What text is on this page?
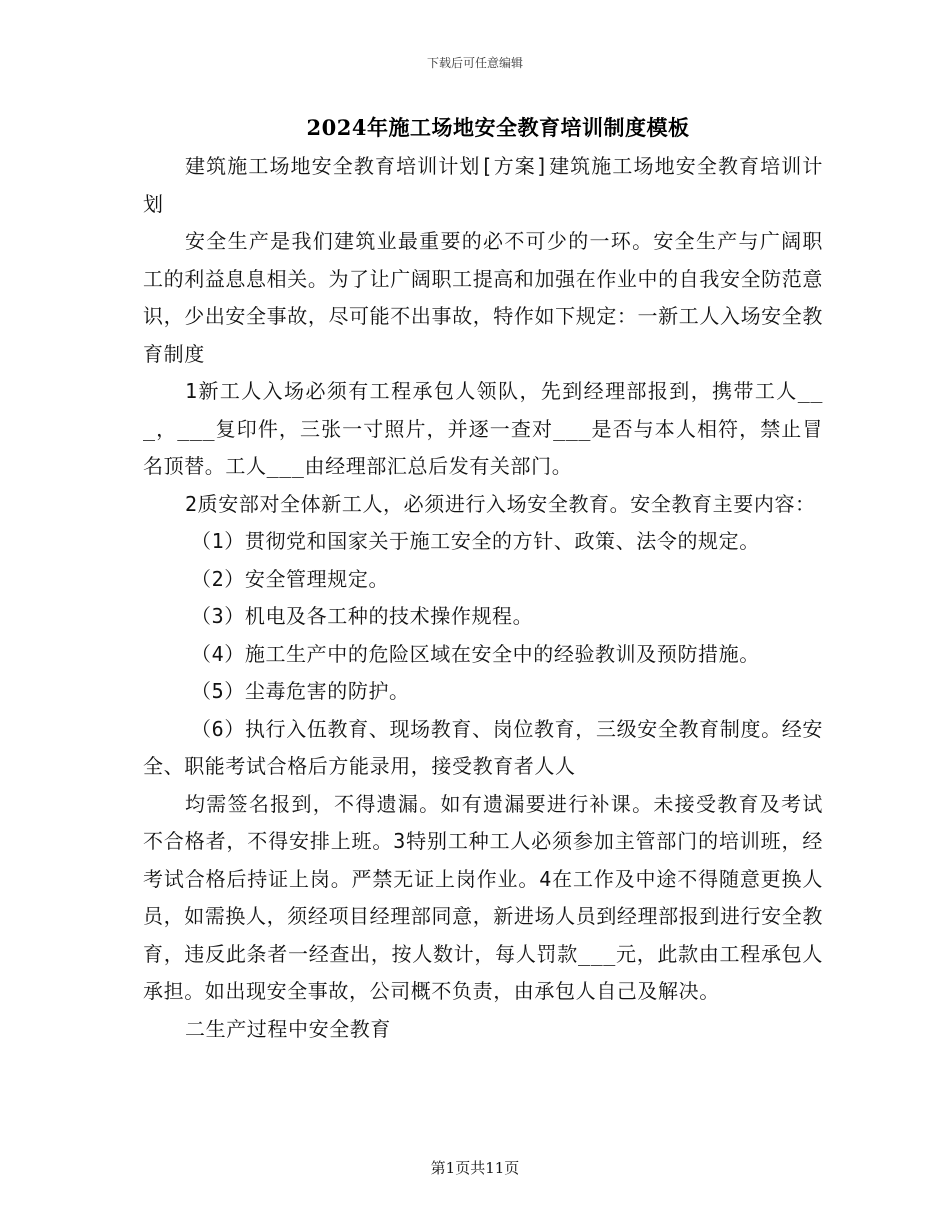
下载后可任意编辑
2024年施工场地安全教育培训制度模板

建筑施工场地安全教育培训计划[方案]建筑施工场地安全教育培训计划

安全生产是我们建筑业最重要的必不可少的一环。安全生产与广阔职工的利益息息相关。为了让广阔职工提高和加强在作业中的自我安全防范意识，少出安全事故，尽可能不出事故，特作如下规定：一新工人入场安全教育制度

1新工人入场必须有工程承包人领队，先到经理部报到，携带工人___，___复印件，三张一寸照片，并逐一查对___是否与本人相符，禁止冒名顶替。工人___由经理部汇总后发有关部门。

2质安部对全体新工人，必须进行入场安全教育。安全教育主要内容：

（1）贯彻党和国家关于施工安全的方针、政策、法令的规定。

（2）安全管理规定。

（3）机电及各工种的技术操作规程。

（4）施工生产中的危险区域在安全中的经验教训及预防措施。

（5）尘毒危害的防护。

（6）执行入伍教育、现场教育、岗位教育，三级安全教育制度。经安全、职能考试合格后方能录用，接受教育者人人

均需签名报到，不得遗漏。如有遗漏要进行补课。未接受教育及考试不合格者，不得安排上班。3特别工种工人必须参加主管部门的培训班，经考试合格后持证上岗。严禁无证上岗作业。4在工作及中途不得随意更换人员，如需换人，须经项目经理部同意，新进场人员到经理部报到进行安全教育，违反此条者一经查出，按人数计，每人罚款___元，此款由工程承包人承担。如出现安全事故，公司概不负责，由承包人自己及解决。

二生产过程中安全教育

第1页共11页
